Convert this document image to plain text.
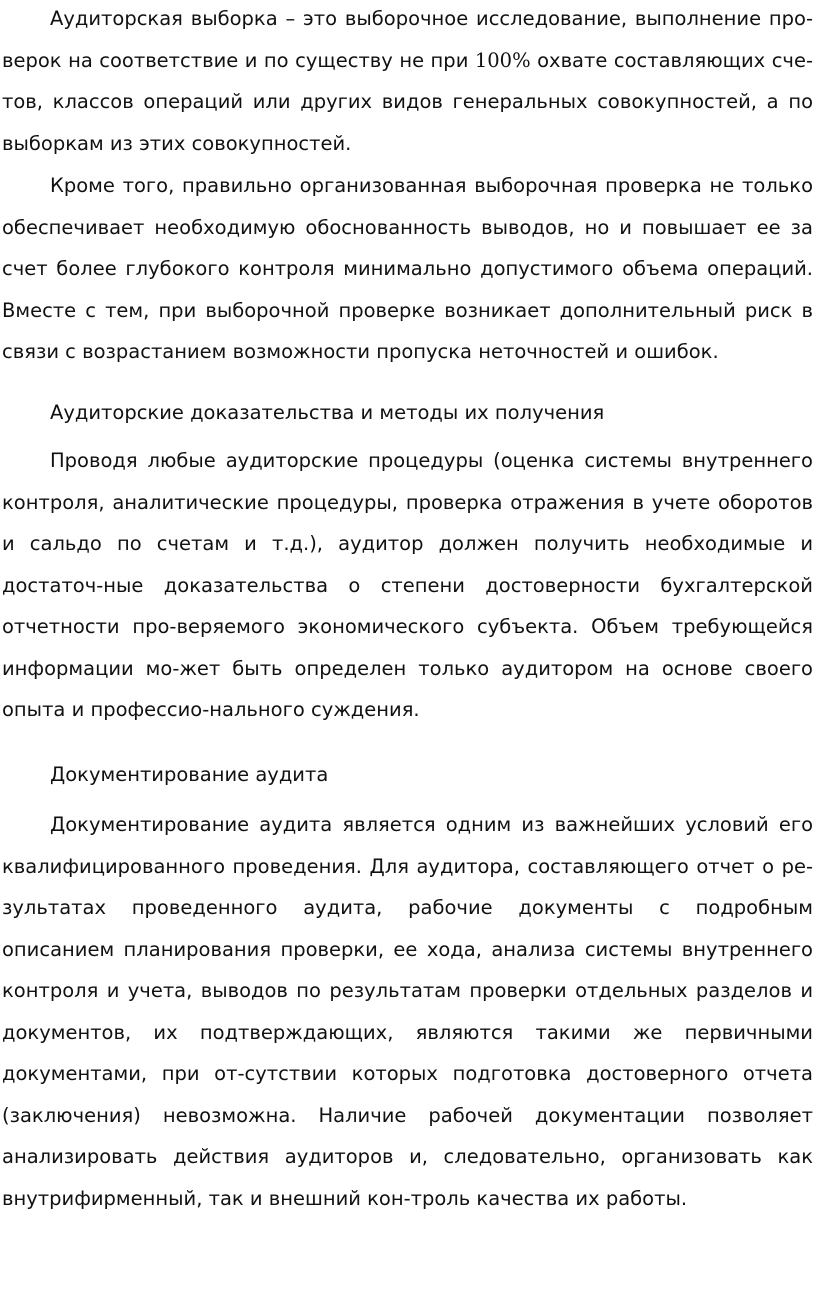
Аудиторская выборка – это выборочное исследование, выполнение про-верок на соответствие и по существу не при 100% охвате составляющих сче-тов, классов операций или других видов генеральных совокупностей, а по выборкам из этих совокупностей.

Кроме того, правильно организованная выборочная проверка не только обеспечивает необходимую обоснованность выводов, но и повышает ее за счет более глубокого контроля минимально допустимого объема операций. Вместе с тем, при выборочной проверке возникает дополнительный риск в связи с возрастанием возможности пропуска неточностей и ошибок.

Аудиторские доказательства и методы их получения

Проводя любые аудиторские процедуры (оценка системы внутреннего контроля, аналитические процедуры, проверка отражения в учете оборотов и сальдо по счетам и т.д.), аудитор должен получить необходимые и достаточ-ные доказательства о степени достоверности бухгалтерской отчетности про-веряемого экономического субъекта. Объем требующейся информации мо-жет быть определен только аудитором на основе своего опыта и профессио-нального суждения.

Документирование аудита

Документирование аудита является одним из важнейших условий его квалифицированного проведения. Для аудитора, составляющего отчет о ре-зультатах проведенного аудита, рабочие документы с подробным описанием планирования проверки, ее хода, анализа системы внутреннего контроля и учета, выводов по результатам проверки отдельных разделов и документов, их подтверждающих, являются такими же первичными документами, при от-сутствии которых подготовка достоверного отчета (заключения) невозможна. Наличие рабочей документации позволяет анализировать действия аудиторов и, следовательно, организовать как внутрифирменный, так и внешний кон-троль качества их работы.
